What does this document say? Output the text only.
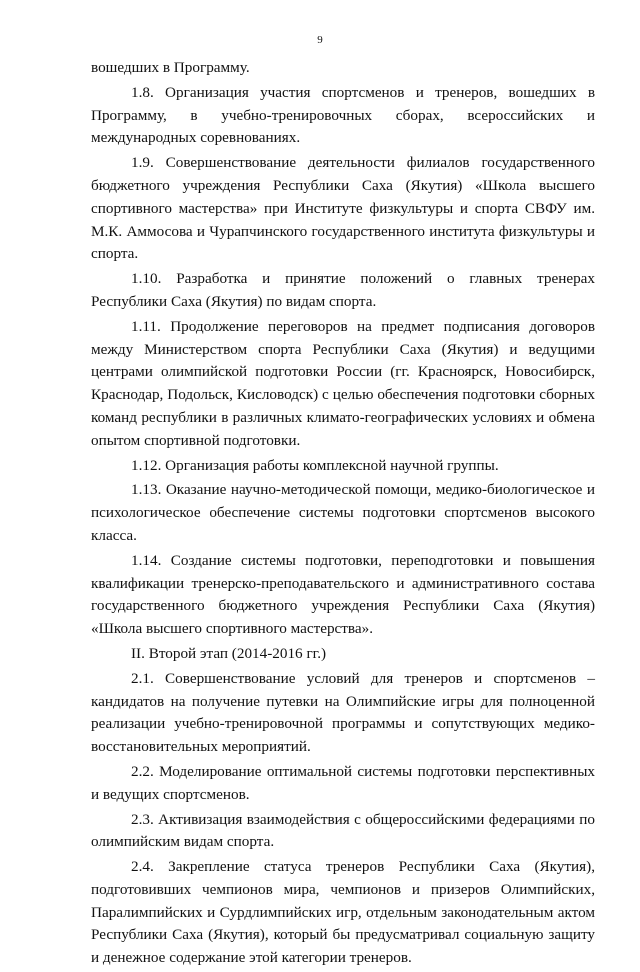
9

вошедших в Программу.

1.8. Организация участия спортсменов и тренеров, вошедших в Программу, в учебно-тренировочных сборах, всероссийских и международных соревнованиях.

1.9. Совершенствование деятельности филиалов государственного бюджетного учреждения Республики Саха (Якутия) «Школа высшего спортивного мастерства» при Институте физкультуры и спорта СВФУ им. М.К. Аммосова и Чурапчинского государственного института физкультуры и спорта.

1.10. Разработка и принятие положений о главных тренерах Республики Саха (Якутия) по видам спорта.

1.11. Продолжение переговоров на предмет подписания договоров между Министерством спорта Республики Саха (Якутия) и ведущими центрами олимпийской подготовки России (гг. Красноярск, Новосибирск, Краснодар, Подольск, Кисловодск) с целью обеспечения подготовки сборных команд республики в различных климато-географических условиях и обмена опытом спортивной подготовки.

1.12. Организация работы комплексной научной группы.

1.13. Оказание научно-методической помощи, медико-биологическое и психологическое обеспечение системы подготовки спортсменов высокого класса.

1.14. Создание системы подготовки, переподготовки и повышения квалификации тренерско-преподавательского и административного состава государственного бюджетного учреждения Республики Саха (Якутия) «Школа высшего спортивного мастерства».

II. Второй этап (2014-2016 гг.)

2.1. Совершенствование условий для тренеров и спортсменов – кандидатов на получение путевки на Олимпийские игры для полноценной реализации учебно-тренировочной программы и сопутствующих медико-восстановительных мероприятий.

2.2. Моделирование оптимальной системы подготовки перспективных и ведущих спортсменов.

2.3. Активизация взаимодействия с общероссийскими федерациями по олимпийским видам спорта.

2.4. Закрепление статуса тренеров Республики Саха (Якутия), подготовивших чемпионов мира, чемпионов и призеров Олимпийских, Паралимпийских и Сурдлимпийских игр, отдельным законодательным актом Республики Саха (Якутия), который бы предусматривал социальную защиту и денежное содержание этой категории тренеров.
